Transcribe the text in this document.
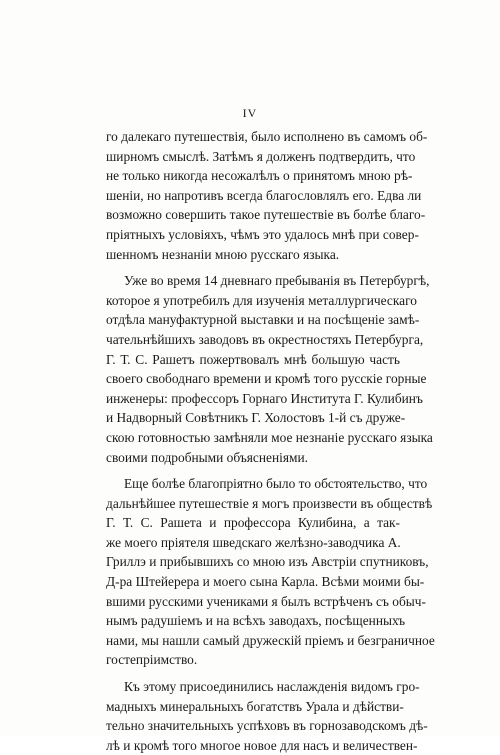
IV

го далекаго путешествія, было исполнено въ самомъ об-
ширномъ смыслѣ. Затѣмъ я долженъ подтвердить, что
не только никогда несожалѣлъ о принятомъ мною рѣ-
шеніи, но напротивъ всегда благословлялъ его. Едва ли
возможно совершить такое путешествіе въ болѣе благо-
пріятныхъ условіяхъ, чѣмъ это удалось мнѣ при совер-
шенномъ незнаніи мною русскаго языка.

Уже во время 14 дневнаго пребыванія въ Петербургѣ,
которое я употребилъ для изученія металлургическаго
отдѣла мануфактурной выставки и на посѣщеніе замѣ-
чательнѣйшихъ заводовъ въ окрестностяхъ Петербурга,
Г. Т. С. Рашетъ пожертвовалъ мнѣ большую часть
своего свободнаго времени и кромѣ того русскіе горные
инженеры: профессоръ Горнаго Института Г. Кулибинъ
и Надворный Совѣтникъ Г. Холостовъ 1-й съ друже-
скою готовностью замѣняли мое незнаніе русскаго языка
своими подробными объясненіями.

Еще болѣе благопріятно было то обстоятельство, что
дальнѣйшее путешествіе я могъ произвести въ обществѣ
Г. Т. С. Рашета и профессора Кулибина, а так-
же моего пріятеля шведскаго желѣзно-заводчика А.
Гриллэ и прибывшихъ со мною изъ Австріи спутниковъ,
Д-ра Штейерера и моего сына Карла. Всѣми моими бы-
вшими русскими учениками я былъ встрѣченъ съ обыч-
нымъ радушіемъ и на всѣхъ заводахъ, посѣщенныхъ
нами, мы нашли самый дружескій пріемъ и безграничное
гостепріимство.

Къ этому присоединились наслажденія видомъ гро-
мадныхъ минеральныхъ богатствъ Урала и дѣйстви-
тельно значительныхъ успѣховъ въ горнозаводскомъ дѣ-
лѣ и кромѣ того многое новое для насъ и величествен-
